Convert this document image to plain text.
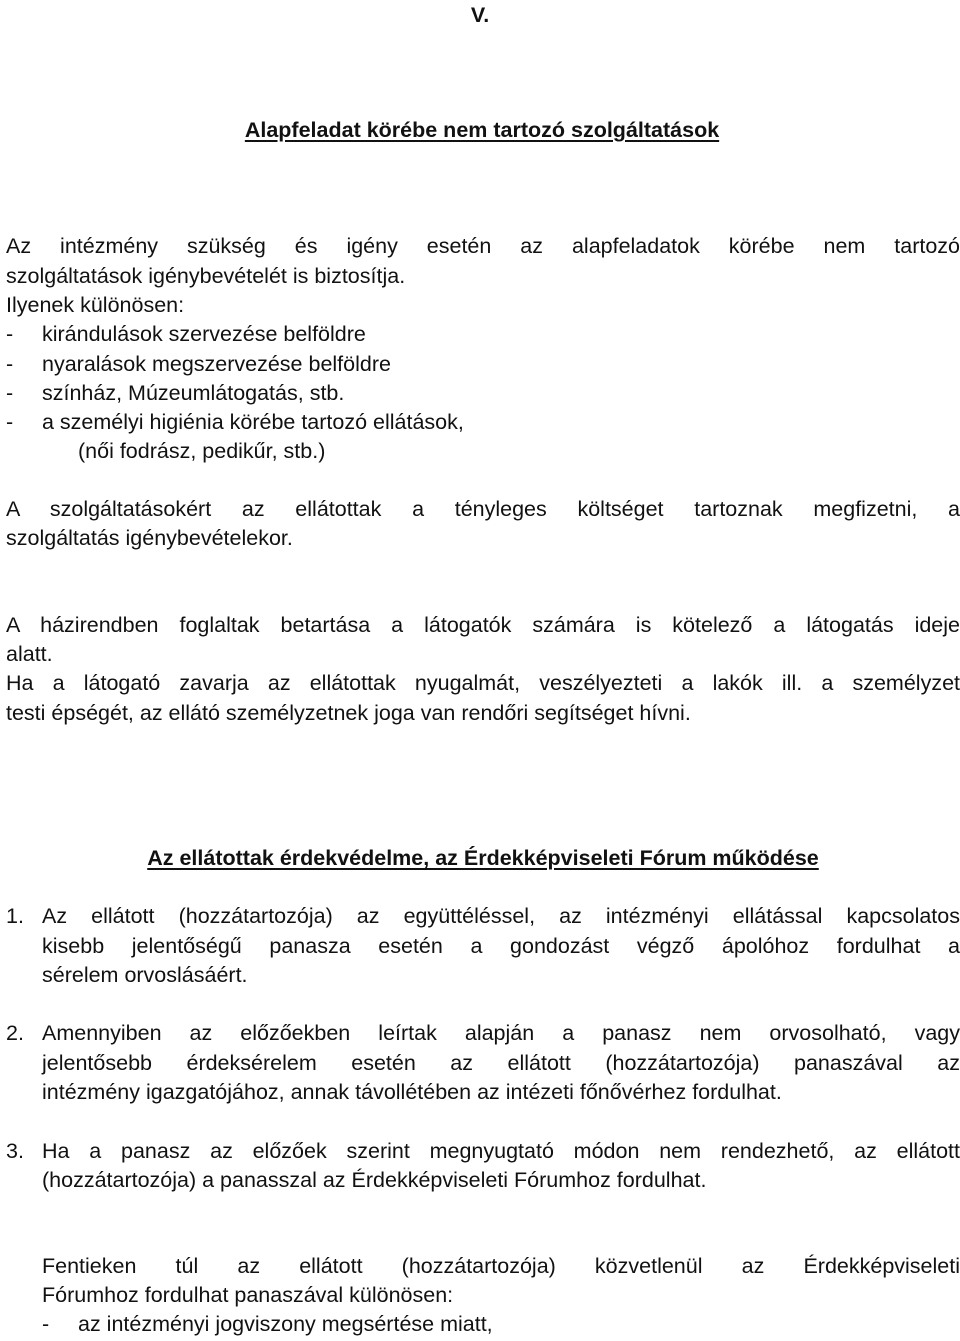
V.
Alapfeladat körébe nem tartozó szolgáltatások
Az intézmény szükség és igény esetén az alapfeladatok körébe nem tartozó
szolgáltatások igénybevételét is biztosítja.
Ilyenek különösen:
- kirándulások szervezése belföldre
- nyaralások megszervezése belföldre
- színház, Múzeumlátogatás, stb.
- a személyi higiénia körébe tartozó ellátások,
(női fodrász, pedikűr, stb.)
A szolgáltatásokért az ellátottak a tényleges költséget tartoznak megfizetni, a
szolgáltatás igénybevételekor.
A házirendben foglaltak betartása a látogatók számára is kötelező a látogatás ideje
alatt.
Ha a látogató zavarja az ellátottak nyugalmát, veszélyezteti a lakók ill. a személyzet
testi épségét, az ellátó személyzetnek joga van rendőri segítséget hívni.
Az ellátottak érdekvédelme, az Érdekképviseleti Fórum működése
1. Az ellátott (hozzátartozója) az együttéléssel, az intézményi ellátással kapcsolatos
kisebb jelentőségű panasza esetén a gondozást végző ápolóhoz fordulhat a
sérelem orvoslásáért.
2. Amennyiben az előzőekben leírtak alapján a panasz nem orvosolható, vagy
jelentősebb érdeksérelem esetén az ellátott (hozzátartozója) panaszával az
intézmény igazgatójához, annak távollétében az intézeti főnővérhez fordulhat.
3. Ha a panasz az előzőek szerint megnyugtató módon nem rendezhető, az ellátott
(hozzátartozója) a panasszal az Érdekképviseleti Fórumhoz fordulhat.
Fentieken túl az ellátott (hozzátartozója) közvetlenül az Érdekképviseleti
Fórumhoz fordulhat panaszával különösen:
- az intézményi jogviszony megsértése miatt,
